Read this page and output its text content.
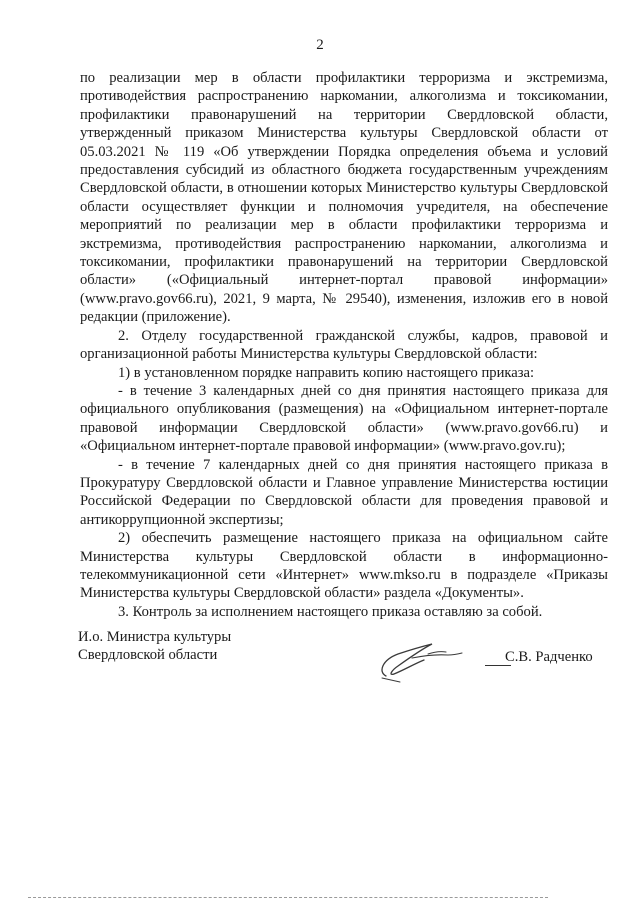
2

по реализации мер в области профилактики терроризма и экстремизма, противодействия распространению наркомании, алкоголизма и токсикомании, профилактики правонарушений на территории Свердловской области, утвержденный приказом Министерства культуры Свердловской области от 05.03.2021 № 119 «Об утверждении Порядка определения объема и условий предоставления субсидий из областного бюджета государственным учреждениям Свердловской области, в отношении которых Министерство культуры Свердловской области осуществляет функции и полномочия учредителя, на обеспечение мероприятий по реализации мер в области профилактики терроризма и экстремизма, противодействия распространению наркомании, алкоголизма и токсикомании, профилактики правонарушений на территории Свердловской области» («Официальный интернет-портал правовой информации» (www.pravo.gov66.ru), 2021, 9 марта, № 29540), изменения, изложив его в новой редакции (приложение).

2. Отделу государственной гражданской службы, кадров, правовой и организационной работы Министерства культуры Свердловской области:

1) в установленном порядке направить копию настоящего приказа:

- в течение 3 календарных дней со дня принятия настоящего приказа для официального опубликования (размещения) на «Официальном интернет-портале правовой информации Свердловской области» (www.pravo.gov66.ru) и «Официальном интернет-портале правовой информации» (www.pravo.gov.ru);

- в течение 7 календарных дней со дня принятия настоящего приказа в Прокуратуру Свердловской области и Главное управление Министерства юстиции Российской Федерации по Свердловской области для проведения правовой и антикоррупционной экспертизы;

2) обеспечить размещение настоящего приказа на официальном сайте Министерства культуры Свердловской области в информационно-телекоммуникационной сети «Интернет» www.mkso.ru в подразделе «Приказы Министерства культуры Свердловской области» раздела «Документы».

3. Контроль за исполнением настоящего приказа оставляю за собой.

И.о. Министра культуры
Свердловской области	С.В. Радченко
